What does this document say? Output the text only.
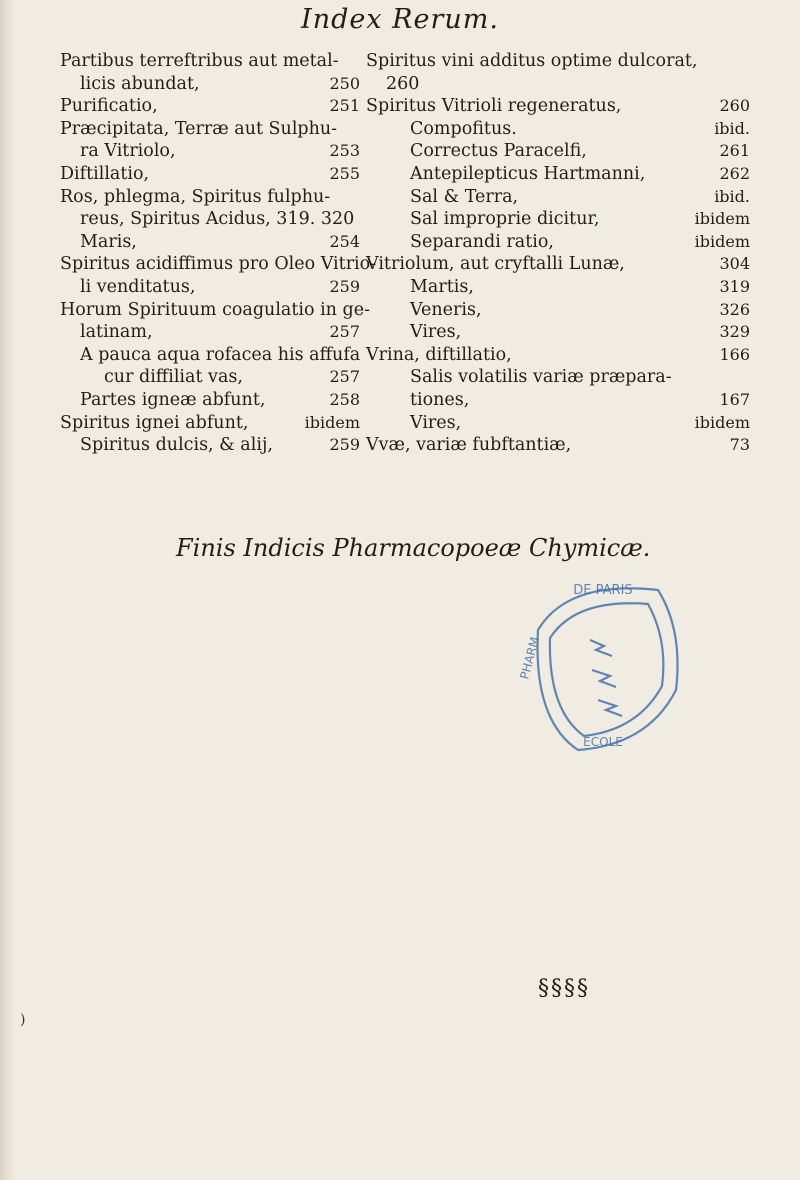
Index Rerum.
Partibus terreftribus aut metal-
licis abundat,	250
Purificatio,	251
Præcipitata, Terræ aut Sulphu-
ra Vitriolo,	253
Diftillatio,	255
Ros, phlegma, Spiritus fulphu-
reus, Spiritus Acidus, 319. 320
Maris,	254
Spiritus acidiffimus pro Oleo Vitrio-
li venditatus,	259
Horum Spirituum coagulatio in ge-
latinam,	257
A pauca aqua rofacea his affufa
cur diffiliat vas,	257
Partes igneæ abfunt,	258
Spiritus ignei abfunt,	ibidem
Spiritus dulcis, & alij,	259
Spiritus vini additus optime dulcorat,
260
Spiritus Vitrioli regeneratus,	260
Compofitus.	ibid.
Correctus Paracelfi,	261
Antepilepticus Hartmanni,	262
Sal & Terra,	ibid.
Sal improprie dicitur,	ibidem
Separandi ratio,	ibidem
Vitriolum, aut cryftalli Lunæ,	304
Martis,	319
Veneris,	326
Vires,	329
Vrina, diftillatio,	166
Salis volatilis variæ præpara-
tiones,	167
Vires,	ibidem
Vvæ, variæ fubftantiæ,	73
Finis Indicis Pharmacopoeæ Chymicæ.
DE PARIS
PHARM
ECOLE
§§§§
)
